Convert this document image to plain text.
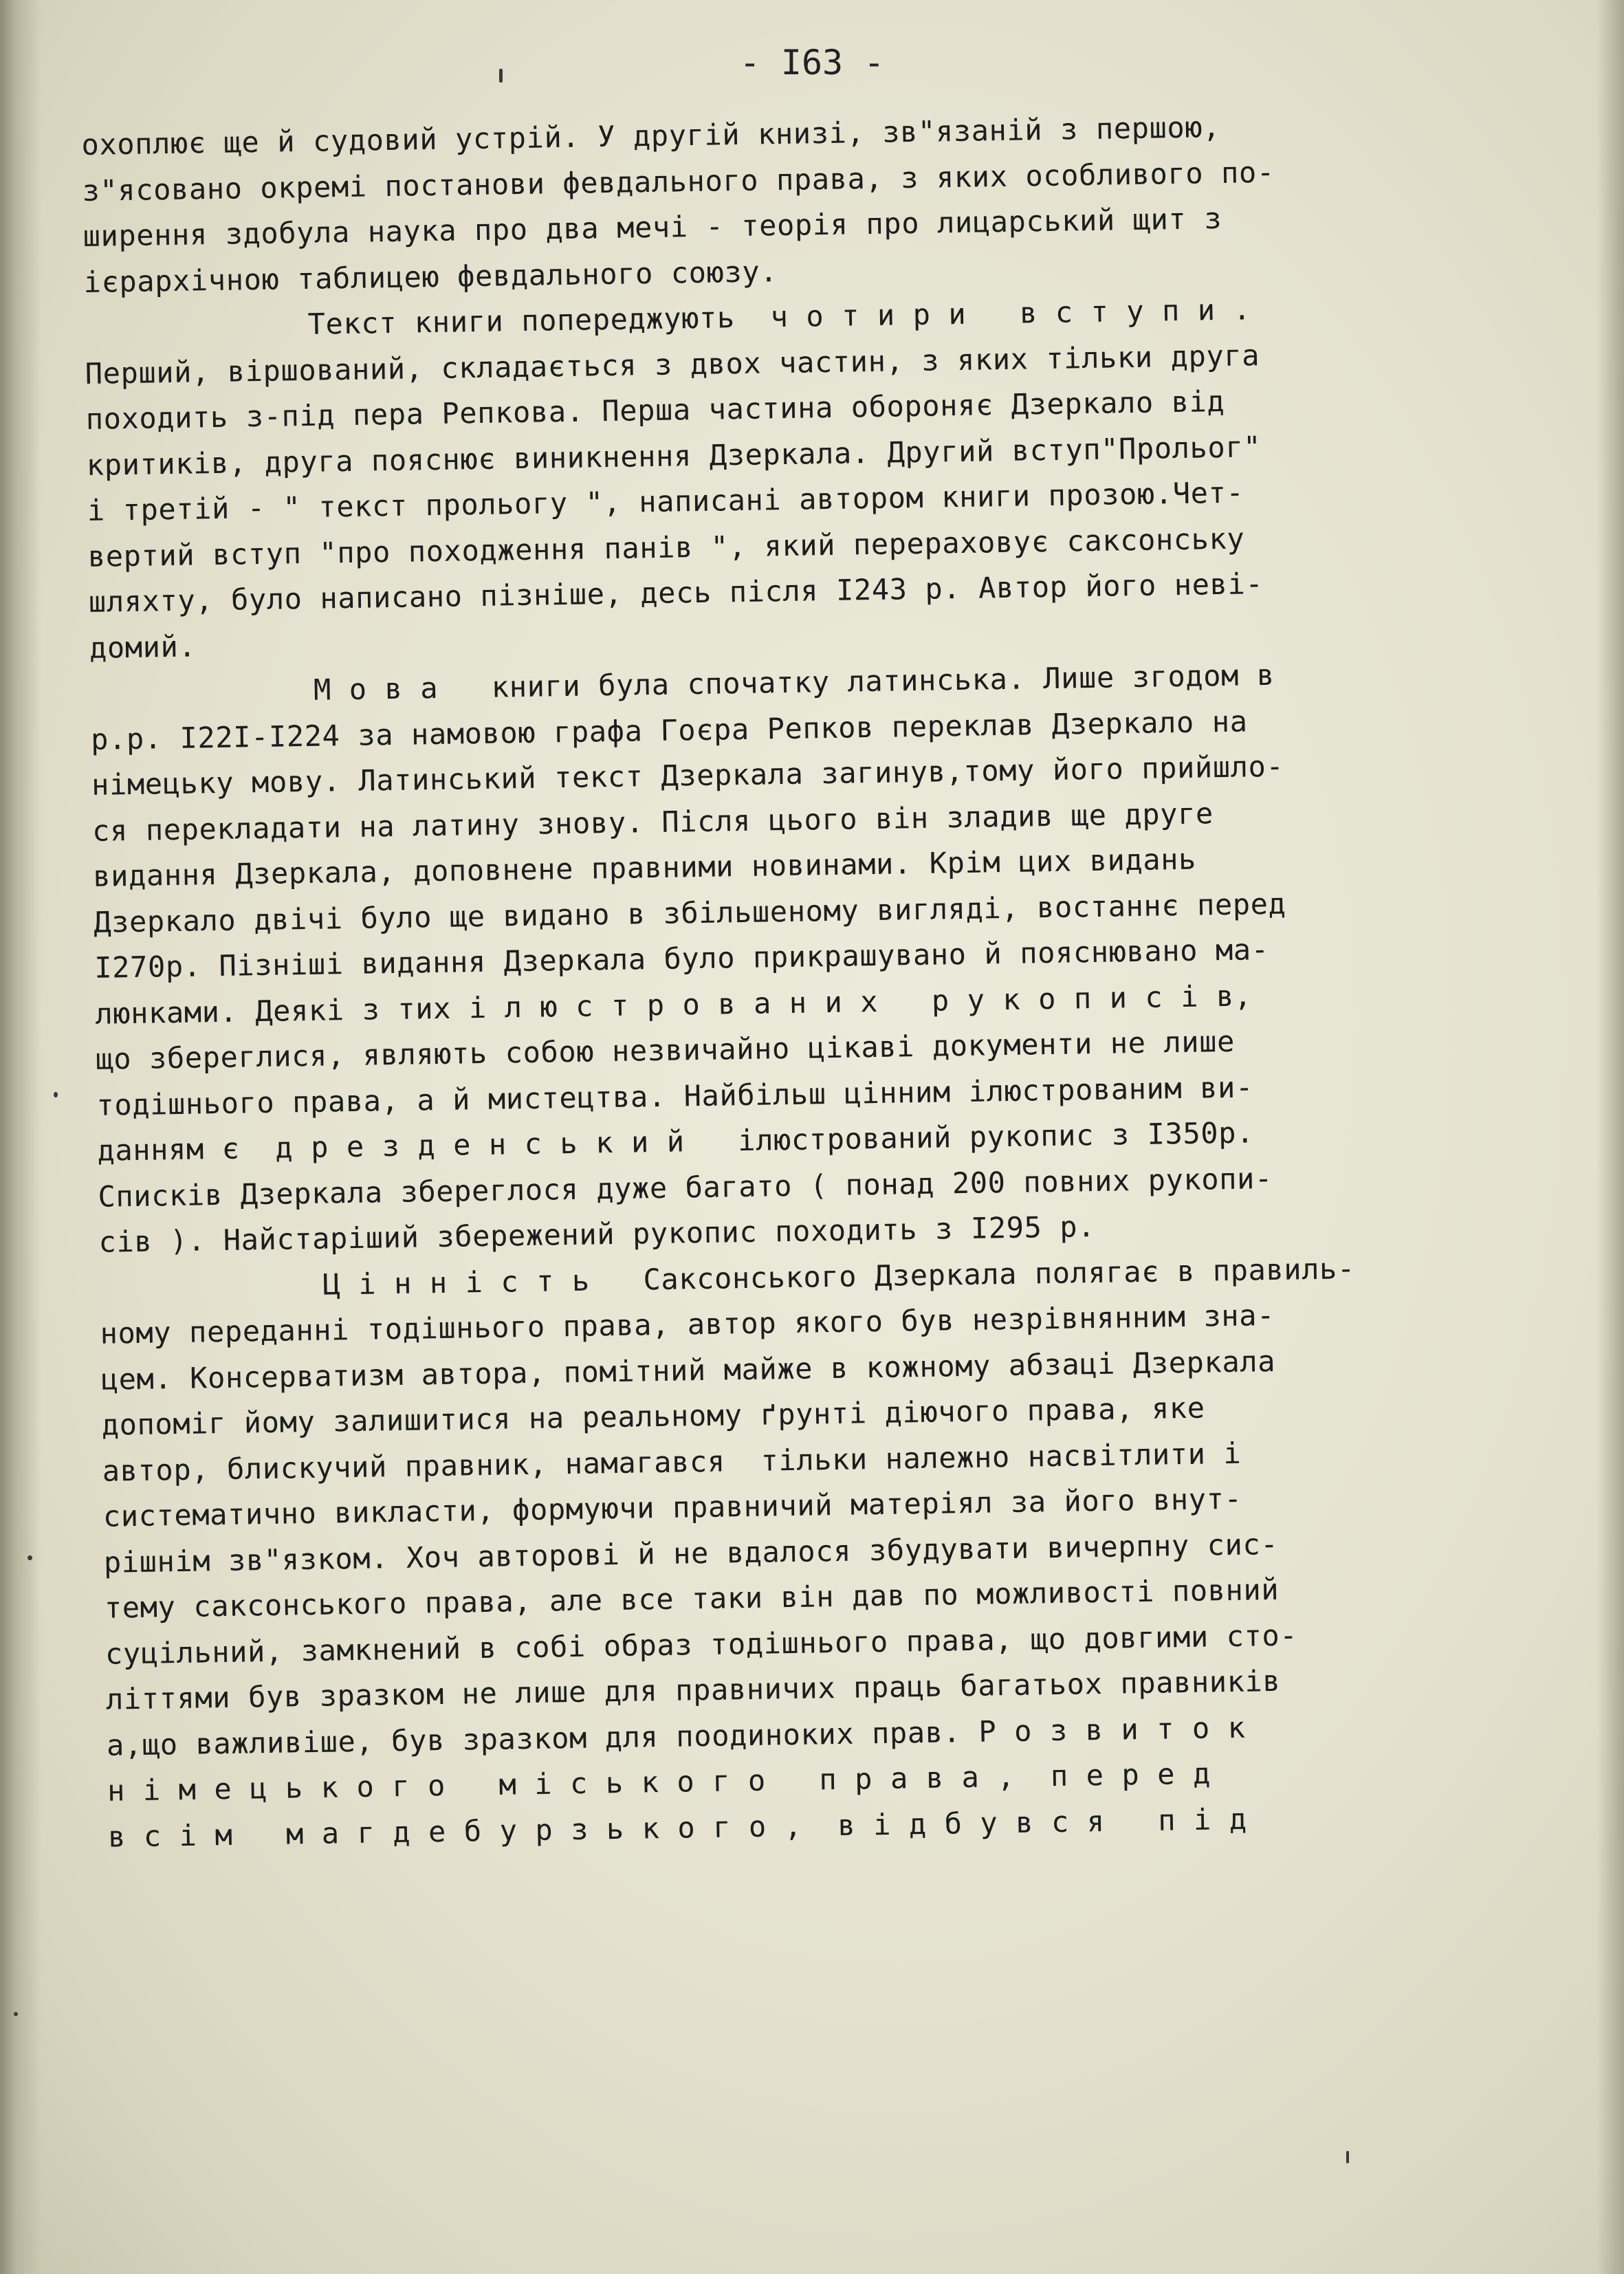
- I63 -
охоплює ще й судовий устрій. У другій книзі, зв"язаній з першою,
з"ясовано окремі постанови февдального права, з яких особливого по-
ширення здобула наука про два мечі - теорія про лицарський щит з
ієрархічною таблицею февдального союзу.
Текст книги попереджують  ч о т и р и   в с т у п и .
Перший, віршований, складається з двох частин, з яких тільки друга
походить з-під пера Репкова. Перша частина обороняє Дзеркало від
критиків, друга пояснює виникнення Дзеркала. Другий вступ"Прольог"
і третій - " текст прольогу ", написані автором книги прозою.Чет-
вертий вступ "про походження панів ", який перераховує саксонську
шляхту, було написано пізніше, десь після I243 р. Автор його неві-
домий.
М о в а   книги була спочатку латинська. Лише згодом в
р.р. I22I-I224 за намовою графа Гоєра Репков переклав Дзеркало на
німецьку мову. Латинський текст Дзеркала загинув,тому його прийшло-
ся перекладати на латину знову. Після цього він зладив ще друге
видання Дзеркала, доповнене правними новинами. Крім цих видань
Дзеркало двічі було ще видано в збільшеному вигляді, востаннє перед
I270р. Пізніші видання Дзеркала було прикрашувано й пояснювано ма-
люнками. Деякі з тих і л ю с т р о в а н и х   р у к о п и с і в,
що збереглися, являють собою незвичайно цікаві документи не лише
тодішнього права, а й мистецтва. Найбільш цінним ілюстрованим ви-
данням є  д р е з д е н с ь к и й   ілюстрований рукопис з I350р.
Списків Дзеркала збереглося дуже багато ( понад 200 повних рукопи-
сів ). Найстаріший збережений рукопис походить з I295 р.
Ц і н н і с т ь   Саксонського Дзеркала полягає в правиль-
ному переданні тодішнього права, автор якого був незрівнянним зна-
цем. Консерватизм автора, помітний майже в кожному абзаці Дзеркала
допоміг йому залишитися на реальному ґрунті діючого права, яке
автор, блискучий правник, намагався  тільки належно насвітлити і
систематично викласти, формуючи правничий матеріял за його внут-
рішнім зв"язком. Хоч авторові й не вдалося збудувати вичерпну сис-
тему саксонського права, але все таки він дав по можливості повний
суцільний, замкнений в собі образ тодішнього права, що довгими сто-
літтями був зразком не лише для правничих праць багатьох правників
а,що важливіше, був зразком для поодиноких прав. Р о з в и т о к
н і м е ц ь к о г о   м і с ь к о г о   п р а в а ,  п е р е д
в с і м   м а г д е б у р з ь к о г о ,  в і д б у в с я   п і д
